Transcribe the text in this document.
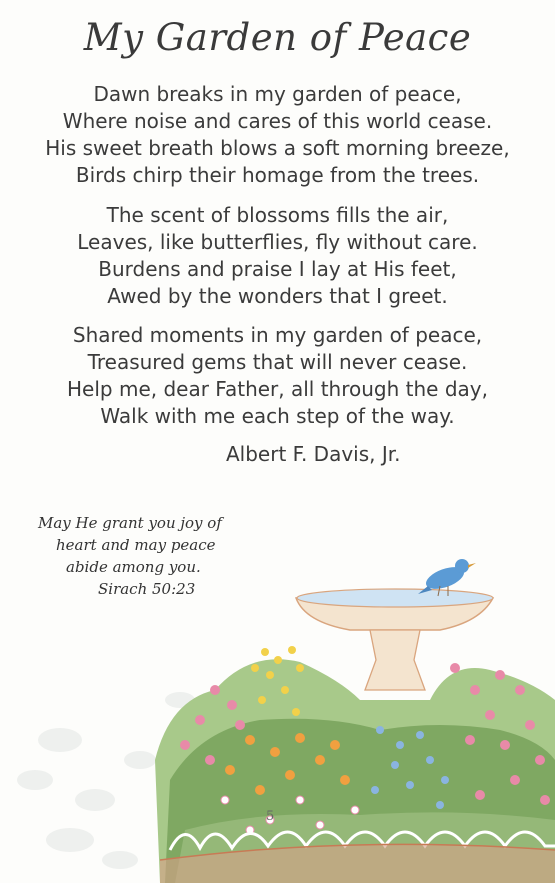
My Garden of Peace
Dawn breaks in my garden of peace,
Where noise and cares of this world cease.
His sweet breath blows a soft morning breeze,
Birds chirp their homage from the trees.
The scent of blossoms fills the air,
Leaves, like butterflies, fly without care.
Burdens and praise I lay at His feet,
Awed by the wonders that I greet.
Shared moments in my garden of peace,
Treasured gems that will never cease.
Help me, dear Father, all through the day,
Walk with me each step of the way.
Albert F. Davis, Jr.
May He grant you joy of
heart and may peace
abide among you.
Sirach 50:23
5
